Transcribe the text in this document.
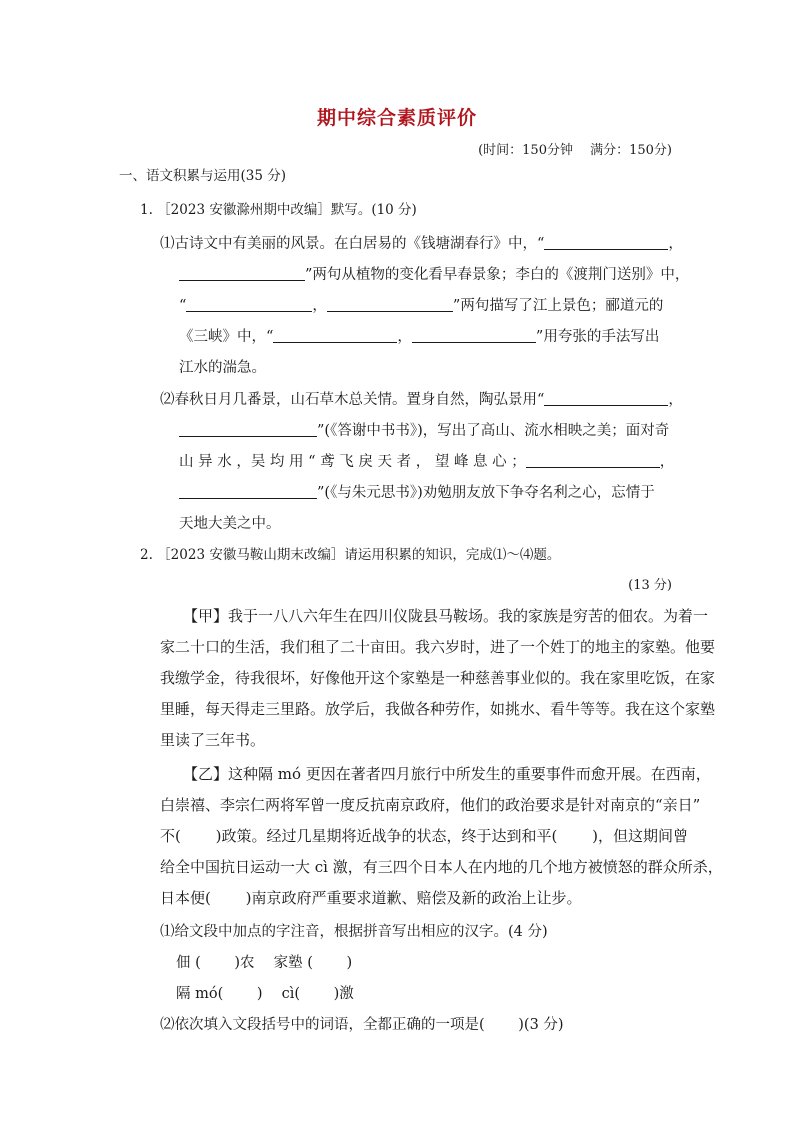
期中综合素质评价
(时间：150分钟　 满分：150分)
一、语文积累与运用(35 分)
1. ［2023 安徽滁州期中改编］默写。(10 分)
⑴古诗文中有美丽的风景。在白居易的《钱塘湖春行》中，“	，
”两句从植物的变化看早春景象；李白的《渡荆门送别》中，
“	，	”两句描写了江上景色；郦道元的
《三峡》中，“	，	”用夸张的手法写出
江水的湍急。
⑵春秋日月几番景，山石草木总关情。置身自然，陶弘景用“	，
”(《答谢中书书》)，写出了高山、流水相映之美；面对奇
山 异 水 ，吴 均 用 “ 鸢 飞 戾 天 者 ， 望 峰 息 心 ；	，
”(《与朱元思书》)劝勉朋友放下争夺名利之心，忘情于
天地大美之中。
2. ［2023 安徽马鞍山期末改编］请运用积累的知识，完成⑴～⑷题。
(13 分)
【甲】我于一八八六年生在四川仪陇县马鞍场。我的家族是穷苦的佃农。为着一
家二十口的生活，我们租了二十亩田。我六岁时，进了一个姓丁的地主的家塾。他要
我缴学金，待我很坏，好像他开这个家塾是一种慈善事业似的。我在家里吃饭，在家
里睡，每天得走三里路。放学后，我做各种劳作，如挑水、看牛等等。我在这个家塾
里读了三年书。
【乙】这种隔 mó 更因在著者四月旅行中所发生的重要事件而愈开展。在西南，
白崇禧、李宗仁两将军曾一度反抗南京政府，他们的政治要求是针对南京的“亲日”
不(　　 )政策。经过几星期将近战争的状态，终于达到和平(　　 )，但这期间曾
给全中国抗日运动一大 cì 激，有三四个日本人在内地的几个地方被愤怒的群众所杀，
日本便(　　 )南京政府严重要求道歉、赔偿及新的政治上让步。
⑴给文段中加点的字注音，根据拼音写出相应的汉字。(4 分)
佃 (　　 )农　 家塾 (　　 )
隔 mó(　　 )　 cì(　　 )激
⑵依次填入文段括号中的词语，全都正确的一项是(　　 )(3 分)
